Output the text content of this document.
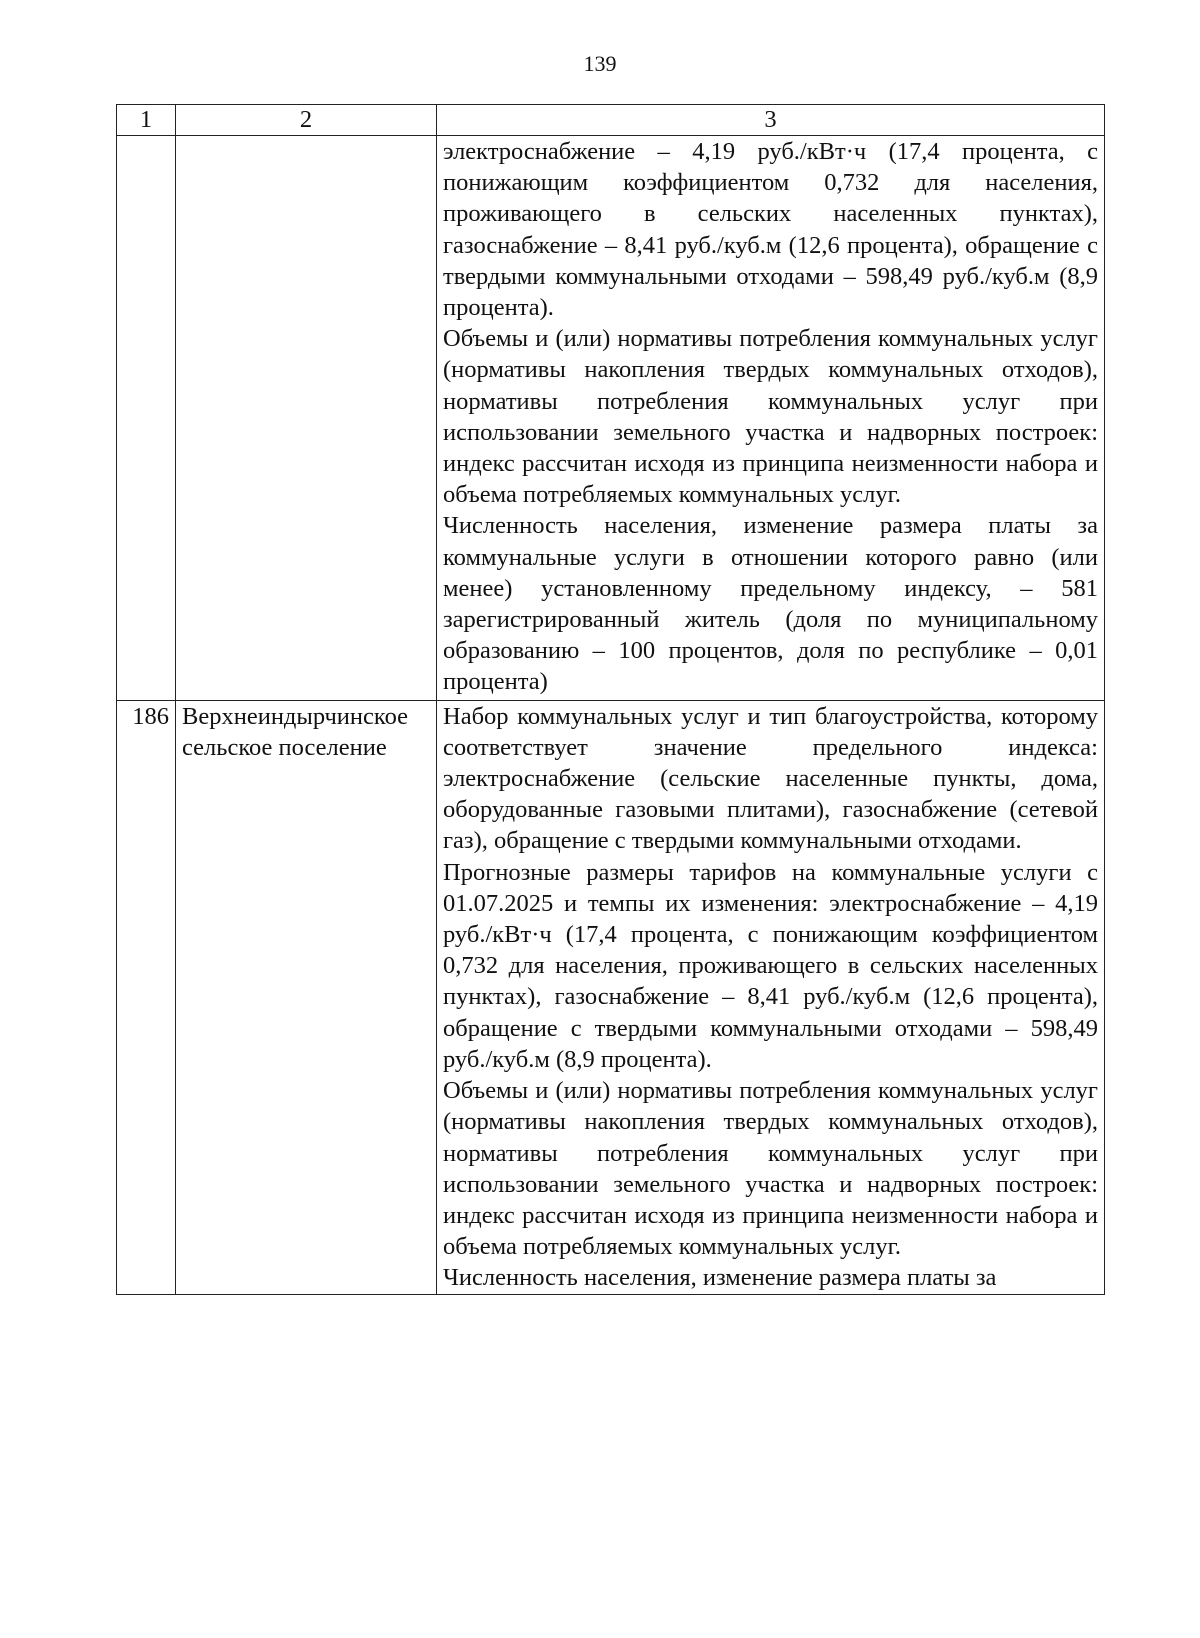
139
1	2	3

		электроснабжение – 4,19 руб./кВт·ч (17,4 процента, с понижающим коэффициентом 0,732 для населения, проживающего в сельских населенных пунктах), газоснабжение – 8,41 руб./куб.м (12,6 процента), обращение с твердыми коммунальными отходами – 598,49 руб./куб.м (8,9 процента).
Объемы и (или) нормативы потребления коммунальных услуг (нормативы накопления твердых коммунальных отходов), нормативы потребления коммунальных услуг при использовании земельного участка и надворных построек: индекс рассчитан исходя из принципа неизменности набора и объема потребляемых коммунальных услуг.
Численность населения, изменение размера платы за коммунальные услуги в отношении которого равно (или менее) установленному предельному индексу, – 581 зарегистрированный житель (доля по муниципальному образованию – 100 процентов, доля по республике – 0,01 процента)

186	Верхнеиндырчинское сельское поселение	Набор коммунальных услуг и тип благоустройства, которому соответствует значение предельного индекса: электроснабжение (сельские населенные пункты, дома, оборудованные газовыми плитами), газоснабжение (сетевой газ), обращение с твердыми коммунальными отходами.
Прогнозные размеры тарифов на коммунальные услуги с 01.07.2025 и темпы их изменения: электроснабжение – 4,19 руб./кВт·ч (17,4 процента, с понижающим коэффициентом 0,732 для населения, проживающего в сельских населенных пунктах), газоснабжение – 8,41 руб./куб.м (12,6 процента), обращение с твердыми коммунальными отходами – 598,49 руб./куб.м (8,9 процента).
Объемы и (или) нормативы потребления коммунальных услуг (нормативы накопления твердых коммунальных отходов), нормативы потребления коммунальных услуг при использовании земельного участка и надворных построек: индекс рассчитан исходя из принципа неизменности набора и объема потребляемых коммунальных услуг.
Численность населения, изменение размера платы за
